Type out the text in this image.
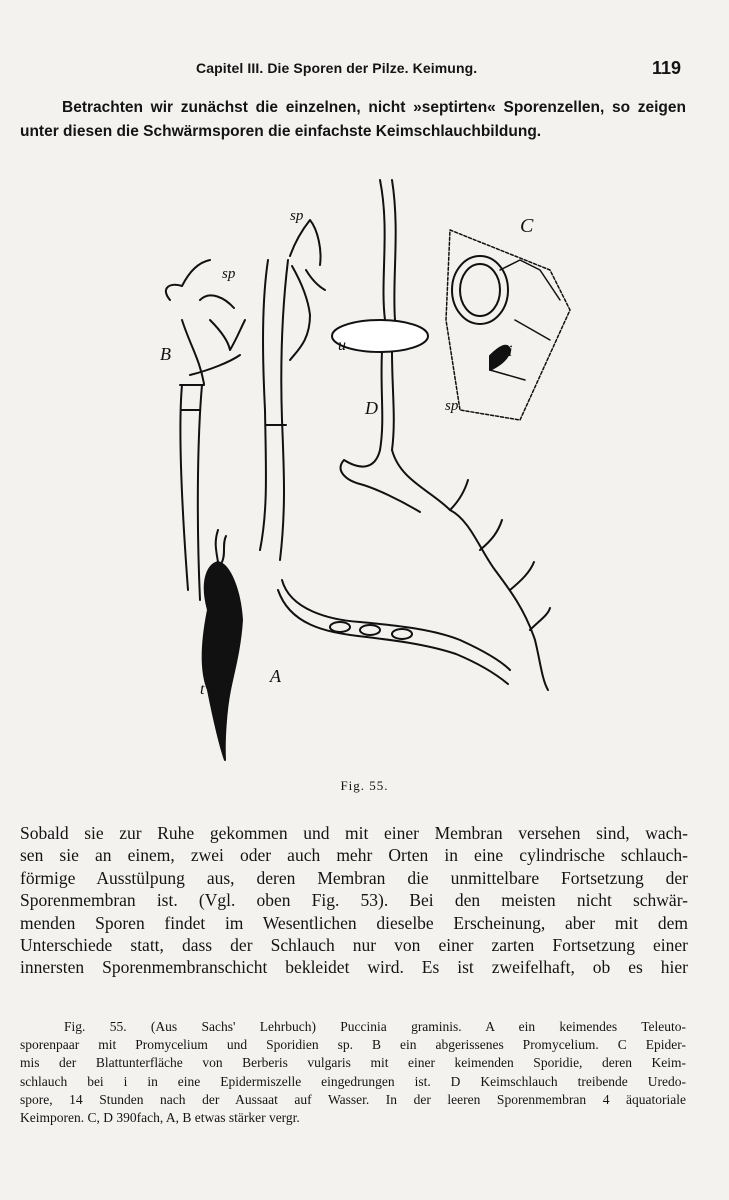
Capitel III. Die Sporen der Pilze. Keimung.	119
Betrachten wir zunächst die einzelnen, nicht »septirten« Sporenzellen, so zeigen unter diesen die Schwärmsporen die einfachste Keimschlauchbildung.
B
A
C
D
sp
sp
sp
u	i
t
Fig. 55.
Sobald sie zur Ruhe gekommen und mit einer Membran versehen sind, wach-
sen sie an einem, zwei oder auch mehr Orten in eine cylindrische schlauch-
förmige Ausstülpung aus, deren Membran die unmittelbare Fortsetzung der
Sporenmembran ist. (Vgl. oben Fig. 53). Bei den meisten nicht schwär-
menden Sporen findet im Wesentlichen dieselbe Erscheinung, aber mit dem
Unterschiede statt, dass der Schlauch nur von einer zarten Fortsetzung einer
innersten Sporenmembranschicht bekleidet wird. Es ist zweifelhaft, ob es hier
Fig. 55. (Aus Sachs' Lehrbuch) Puccinia graminis. A ein keimendes Teleuto-
sporenpaar mit Promycelium und Sporidien sp. B ein abgerissenes Promycelium. C Epider-
mis der Blattunterfläche von Berberis vulgaris mit einer keimenden Sporidie, deren Keim-
schlauch bei i in eine Epidermiszelle eingedrungen ist. D Keimschlauch treibende Uredo-
spore, 14 Stunden nach der Aussaat auf Wasser. In der leeren Sporenmembran 4 äquatoriale
Keimporen. C, D 390fach, A, B etwas stärker vergr.
